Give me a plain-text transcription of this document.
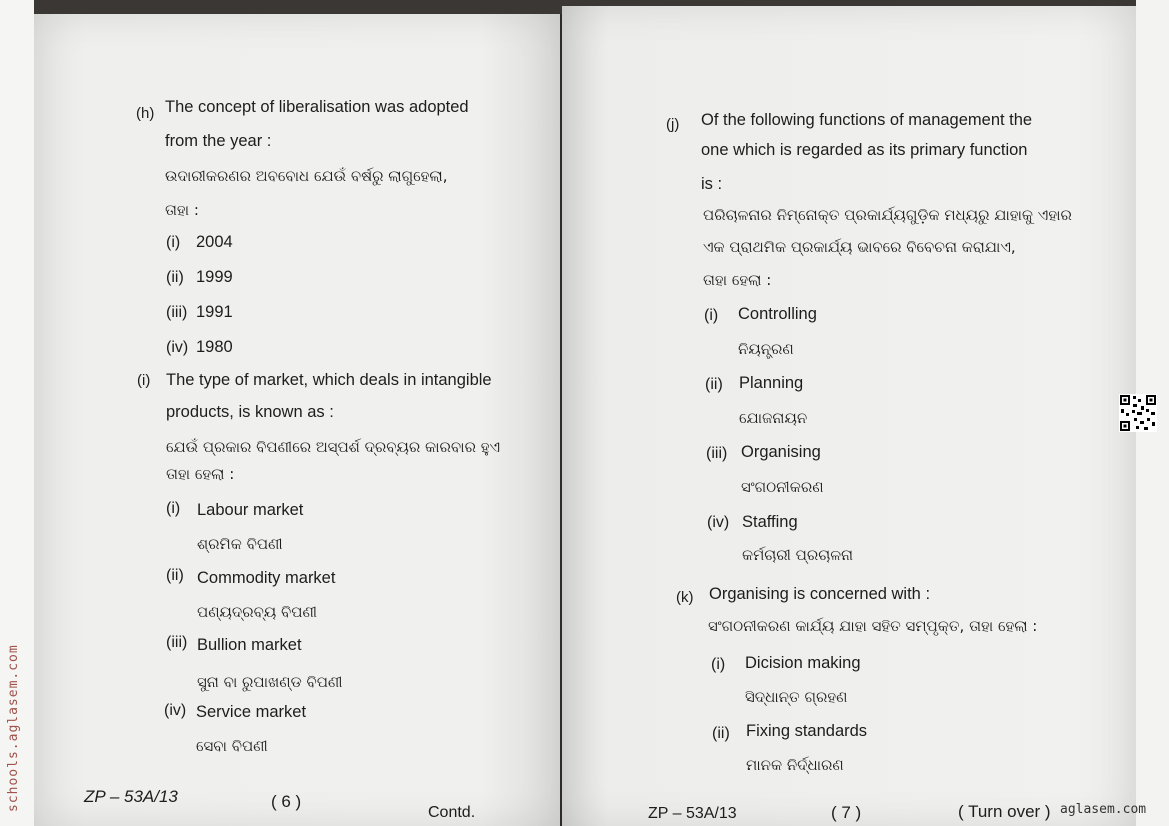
(h) The concept of liberalisation was adopted
from the year :
ଉଦାରୀକରଣର ଅବବୋଧ ଯେଉଁ ବର୍ଷରୁ ଲାଗୁହେଲା,
ତାହା :
(i) 2004
(ii) 1999
(iii) 1991
(iv) 1980
(i) The type of market, which deals in intangible
products, is known as :
ଯେଉଁ ପ୍ରକାର ବିପଣୀରେ ଅସ୍ପର୍ଶ ଦ୍ରବ୍ୟର କାରବାର ହୁଏ
ତାହା ହେଲା :
(i) Labour market
ଶ୍ରମିକ ବିପଣୀ
(ii) Commodity market
ପଣ୍ୟଦ୍ରବ୍ୟ ବିପଣୀ
(iii) Bullion market
ସୁନା ବା ରୁପାଖଣ୍ଡ ବିପଣୀ
(iv) Service market
ସେବା ବିପଣୀ
ZP – 53A/13	( 6 )
Contd.
(j) Of the following functions of management the
one which is regarded as its primary function
is :
ପରିଚାଳନାର ନିମ୍ନୋକ୍ତ ପ୍ରକାର୍ଯ୍ୟଗୁଡ଼ିକ ମଧ୍ୟରୁ ଯାହାକୁ ଏହାର
ଏକ ପ୍ରାଥମିକ ପ୍ରକାର୍ଯ୍ୟ ଭାବରେ ବିବେଚନା କରାଯାଏ,
ତାହା ହେଲା :
(i) Controlling
ନିୟନ୍ତ୍ରଣ
(ii) Planning
ଯୋଜନାୟନ
(iii) Organising
ସଂଗଠନୀକରଣ
(iv) Staffing
କର୍ମଚାରୀ ପ୍ରଚାଳନା
(k) Organising is concerned with :
ସଂଗଠନୀକରଣ କାର୍ଯ୍ୟ ଯାହା ସହିତ ସମ୍ପୃକ୍ତ, ତାହା ହେଲା :
(i) Dicision making
ସିଦ୍ଧାନ୍ତ ଗ୍ରହଣ
(ii) Fixing standards
ମାନକ ନିର୍ଦ୍ଧାରଣ
ZP – 53A/13	( 7 )	( Turn over )
schools.aglasem.com	aglasem.com
